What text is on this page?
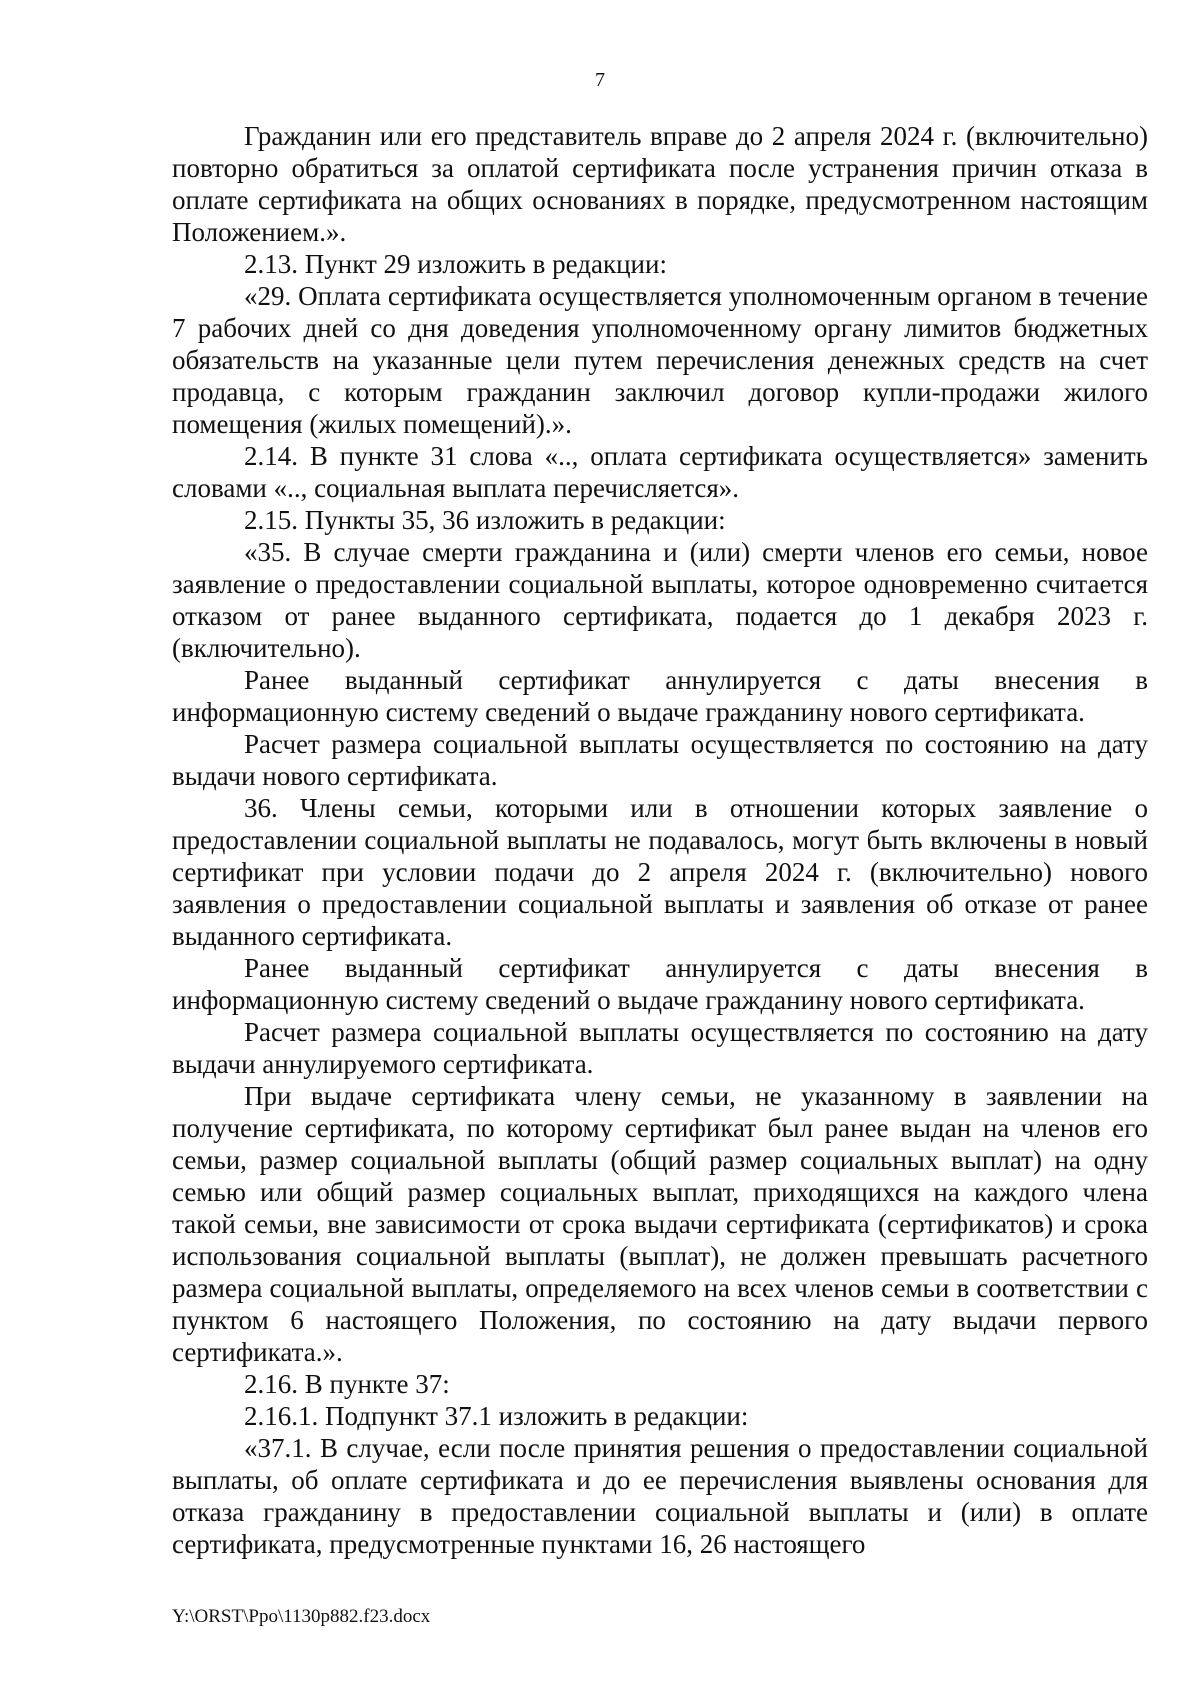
7

Гражданин или его представитель вправе до 2 апреля 2024 г. (включительно) повторно обратиться за оплатой сертификата после устранения причин отказа в оплате сертификата на общих основаниях в порядке, предусмотренном настоящим Положением.».

2.13. Пункт 29 изложить в редакции:

«29. Оплата сертификата осуществляется уполномоченным органом в течение 7 рабочих дней со дня доведения уполномоченному органу лимитов бюджетных обязательств на указанные цели путем перечисления денежных средств на счет продавца, с которым гражданин заключил договор купли-продажи жилого помещения (жилых помещений).».

2.14. В пункте 31 слова «.., оплата сертификата осуществляется» заменить словами «.., социальная выплата перечисляется».

2.15. Пункты 35, 36 изложить в редакции:

«35. В случае смерти гражданина и (или) смерти членов его семьи, новое заявление о предоставлении социальной выплаты, которое одновременно считается отказом от ранее выданного сертификата, подается до 1 декабря 2023 г. (включительно).

Ранее выданный сертификат аннулируется с даты внесения в информационную систему сведений о выдаче гражданину нового сертификата.

Расчет размера социальной выплаты осуществляется по состоянию на дату выдачи нового сертификата.

36. Члены семьи, которыми или в отношении которых заявление о предоставлении социальной выплаты не подавалось, могут быть включены в новый сертификат при условии подачи до 2 апреля 2024 г. (включительно) нового заявления о предоставлении социальной выплаты и заявления об отказе от ранее выданного сертификата.

Ранее выданный сертификат аннулируется с даты внесения в информационную систему сведений о выдаче гражданину нового сертификата.

Расчет размера социальной выплаты осуществляется по состоянию на дату выдачи аннулируемого сертификата.

При выдаче сертификата члену семьи, не указанному в заявлении на получение сертификата, по которому сертификат был ранее выдан на членов его семьи, размер социальной выплаты (общий размер социальных выплат) на одну семью или общий размер социальных выплат, приходящихся на каждого члена такой семьи, вне зависимости от срока выдачи сертификата (сертификатов) и срока использования социальной выплаты (выплат), не должен превышать расчетного размера социальной выплаты, определяемого на всех членов семьи в соответствии с пунктом 6 настоящего Положения, по состоянию на дату выдачи первого сертификата.».

2.16. В пункте 37:

2.16.1. Подпункт 37.1 изложить в редакции:

«37.1. В случае, если после принятия решения о предоставлении социальной выплаты, об оплате сертификата и до ее перечисления выявлены основания для отказа гражданину в предоставлении социальной выплаты и (или) в оплате сертификата, предусмотренные пунктами 16, 26 настоящего

Y:\ORST\Ppo\1130p882.f23.docx
